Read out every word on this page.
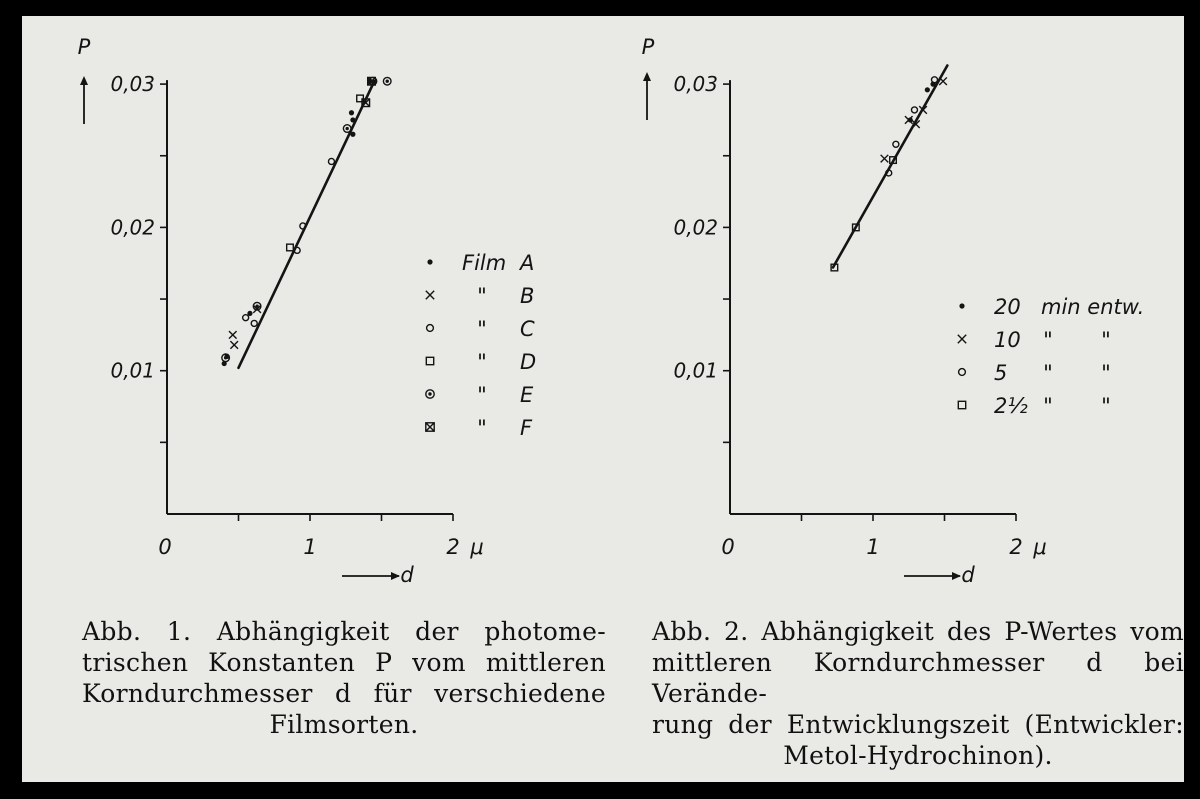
0,01
0,02
0,03
0	1	2 μ
P
d
Film A
" B
" C
" D
" E
" F
0,01
0,02
0,03
0	1	2 μ
P
d
20 min entw.
10 " "
5 " "
2½ " "
Abb. 1. Abhängigkeit der photome-
trischen Konstanten P vom mittleren
Korndurchmesser d für verschiedene
Filmsorten.
Abb. 2. Abhängigkeit des P-Wertes vom
mittleren Korndurchmesser d bei Verände-
rung der Entwicklungszeit (Entwickler:
Metol-Hydrochinon).
